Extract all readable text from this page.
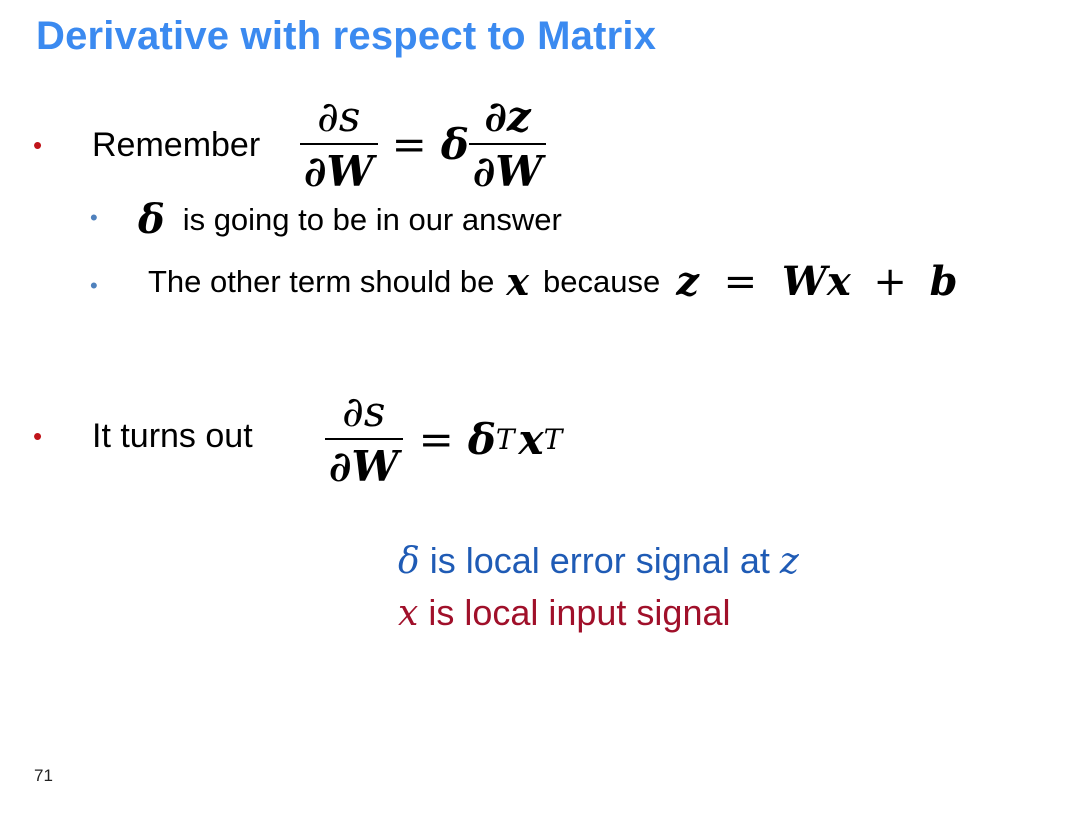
Derivative with respect to Matrix
• Remember $\frac{\partial s}{\partial W} = \delta \frac{\partial z}{\partial W}$
• δ is going to be in our answer
• The other term should be x because z = Wx + b
• It turns out $\frac{\partial s}{\partial W} = \delta$ T x T
δ is local error signal at z
x is local input signal
71
